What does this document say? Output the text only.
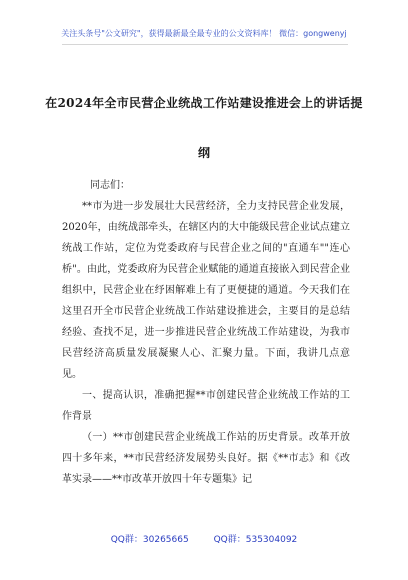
关注头条号"公文研究"，获得最新最全最专业的公文资料库！ 微信：gongwenyj
在2024年全市民营企业统战工作站建设推进会上的讲话提
纲
同志们：

**市为进一步发展壮大民营经济，全力支持民营企业发展，2020年，由统战部牵头，在辖区内的大中能级民营企业试点建立统战工作站，定位为党委政府与民营企业之间的"直通车""连心桥"。由此，党委政府为民营企业赋能的通道直接嵌入到民营企业组织中，民营企业在纾困解难上有了更便捷的通道。今天我们在这里召开全市民营企业统战工作站建设推进会，主要目的是总结经验、查找不足，进一步推进民营企业统战工作站建设，为我市民营经济高质量发展凝聚人心、汇聚力量。下面，我讲几点意见。

一、提高认识，准确把握**市创建民营企业统战工作站的工作背景

（一）**市创建民营企业统战工作站的历史背景。改革开放四十多年来，**市民营经济发展势头良好。据《**市志》和《改革实录——**市改革开放四十年专题集》记

QQ群：30265665	QQ群：535304092
